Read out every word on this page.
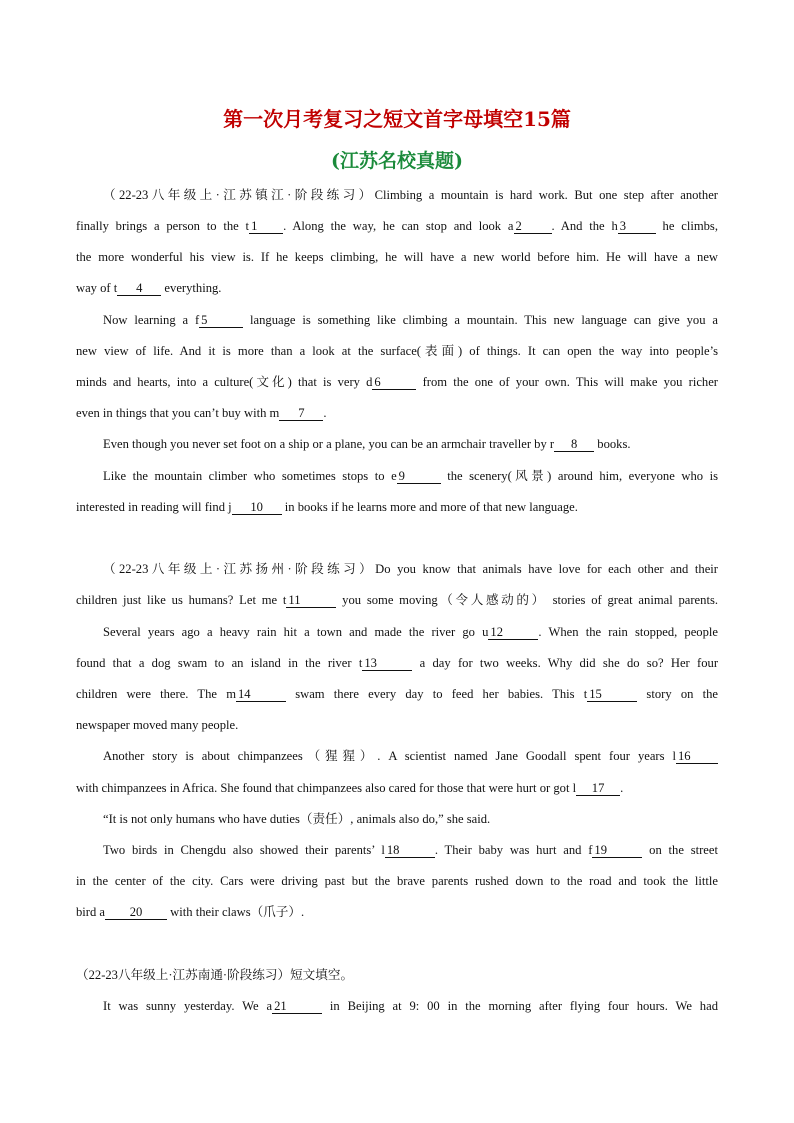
第一次月考复习之短文首字母填空15篇
(江苏名校真题)
（22-23八年级上·江苏镇江·阶段练习）Climbing a mountain is hard work. But one step after another
finally brings a person to the t 1 . Along the way, he can stop and look a 2 . And the h 3 he climbs,
the more wonderful his view is. If he keeps climbing, he will have a new world before him. He will have a new
way of t 4 everything.
Now learning a f 5	language is something like climbing a mountain. This new language can give you a
new view of life. And it is more than a look at the surface(表面) of things. It can open the way into people’s
minds and hearts, into a culture(文化) that is very d 6	from the one of your own. This will make you richer
even in things that you can’t buy with m 7 .
Even though you never set foot on a ship or a plane, you can be an armchair traveller by r 8 books.
Like the mountain climber who sometimes stops to e 9	the scenery(风景) around him, everyone who is
interested in reading will find j 10 in books if he learns more and more of that new language.
（22-23八年级上·江苏扬州·阶段练习）Do you know that animals have love for each other and their
children just like us humans? Let me t 11	you some moving（令人感动的） stories of great animal parents.
Several years ago a heavy rain hit a town and made the river go u 12	. When the rain stopped, people
found that a dog swam to an island in the river t 13	a day for two weeks. Why did she do so? Her four
children were there. The m 14	swam there every day to feed her babies. This t 15	story on the
newspaper moved many people.
Another story is about chimpanzees（猩猩）. A scientist named Jane Goodall spent four years l 16
with chimpanzees in Africa. She found that chimpanzees also cared for those that were hurt or got l 17 .
“It is not only humans who have duties（责任）, animals also do,” she said.
Two birds in Chengdu also showed their parents’ l 18	. Their baby was hurt and f 19	on the street
in the center of the city. Cars were driving past but the brave parents rushed down to the road and took the little
bird a 20 with their claws（爪子）.
（22-23八年级上·江苏南通·阶段练习）短文填空。
It was sunny yesterday. We a 21	in Beijing at 9: 00 in the morning after flying four hours. We had
